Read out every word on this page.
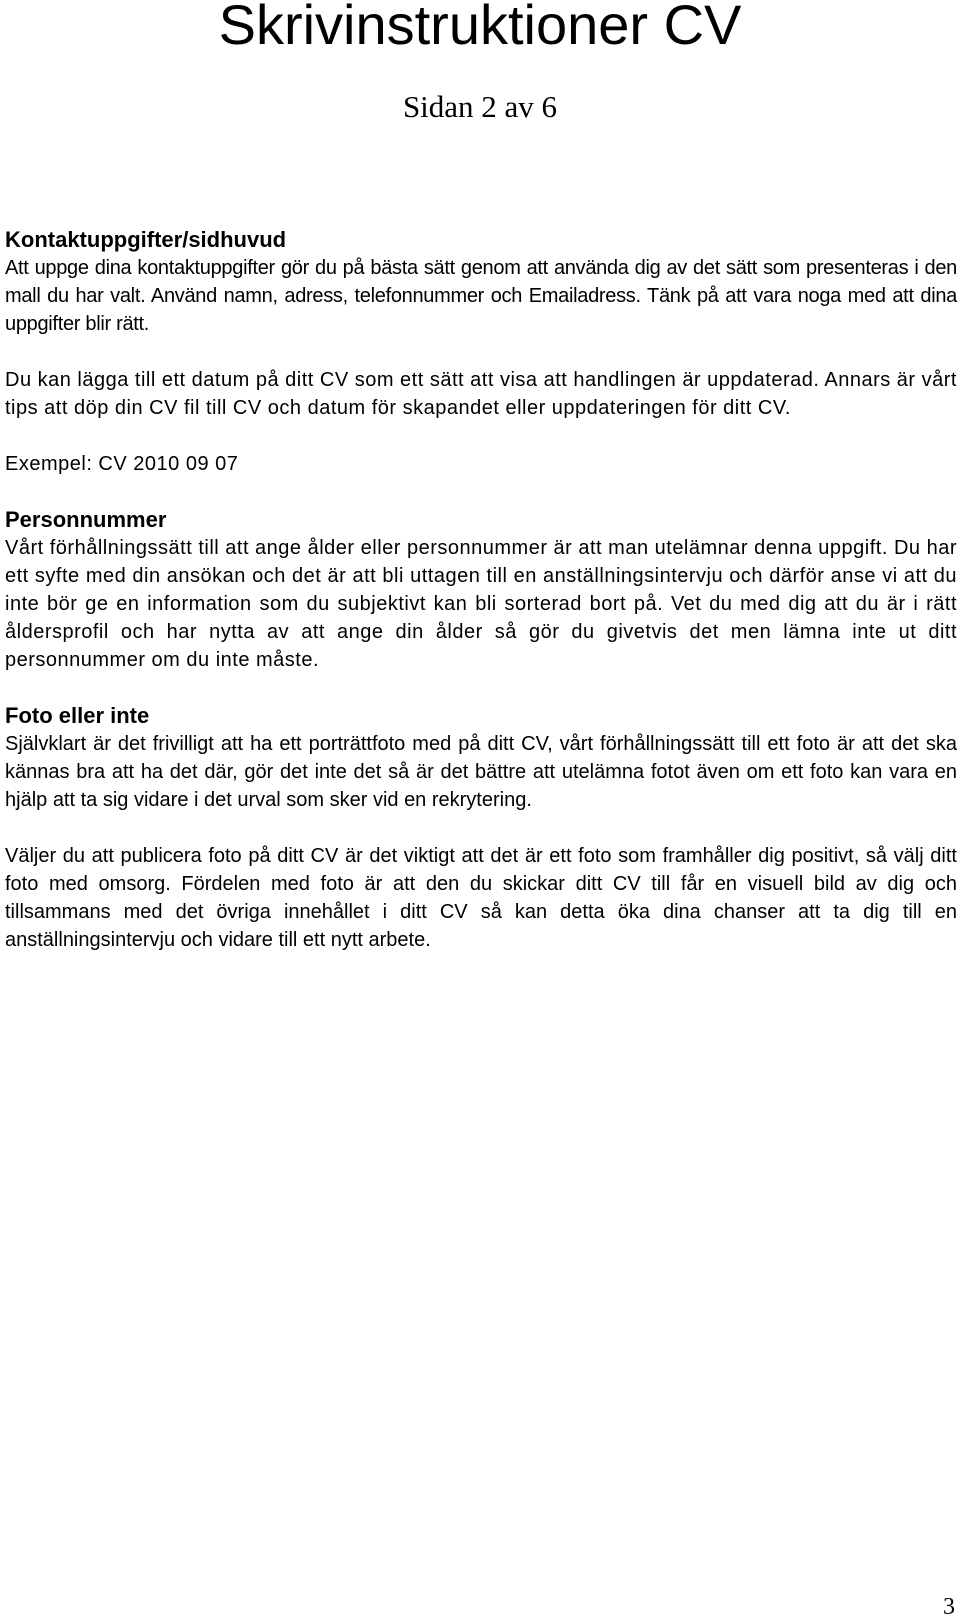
Skrivinstruktioner CV
Sidan 2 av 6
Kontaktuppgifter/sidhuvud

Att uppge dina kontaktuppgifter gör du på bästa sätt genom att använda dig av det sätt som presenteras i den mall du har valt. Använd namn, adress, telefonnummer och Emailadress. Tänk på att vara noga med att dina uppgifter blir rätt.

Du kan lägga till ett datum på ditt CV som ett sätt att visa att handlingen är uppdaterad. Annars är vårt tips att döp din CV fil till CV och datum för skapandet eller uppdateringen för ditt CV.

Exempel: CV 2010 09 07

Personnummer

Vårt förhållningssätt till att ange ålder eller personnummer är att man utelämnar denna uppgift. Du har ett syfte med din ansökan och det är att bli uttagen till en anställningsintervju och därför anse vi att du inte bör ge en information som du subjektivt kan bli sorterad bort på. Vet du med dig att du är i rätt åldersprofil och har nytta av att ange din ålder så gör du givetvis det men lämna inte ut ditt personnummer om du inte måste.

Foto eller inte

Självklart är det frivilligt att ha ett porträttfoto med på ditt CV, vårt förhållningssätt till ett foto är att det ska kännas bra att ha det där, gör det inte det så är det bättre att utelämna fotot även om ett foto kan vara en hjälp att ta sig vidare i det urval som sker vid en rekrytering.

Väljer du att publicera foto på ditt CV är det viktigt att det är ett foto som framhåller dig positivt, så välj ditt foto med omsorg. Fördelen med foto är att den du skickar ditt CV till får en visuell bild av dig och tillsammans med det övriga innehållet i ditt CV så kan detta öka dina chanser att ta dig till en anställningsintervju och vidare till ett nytt arbete.

3
